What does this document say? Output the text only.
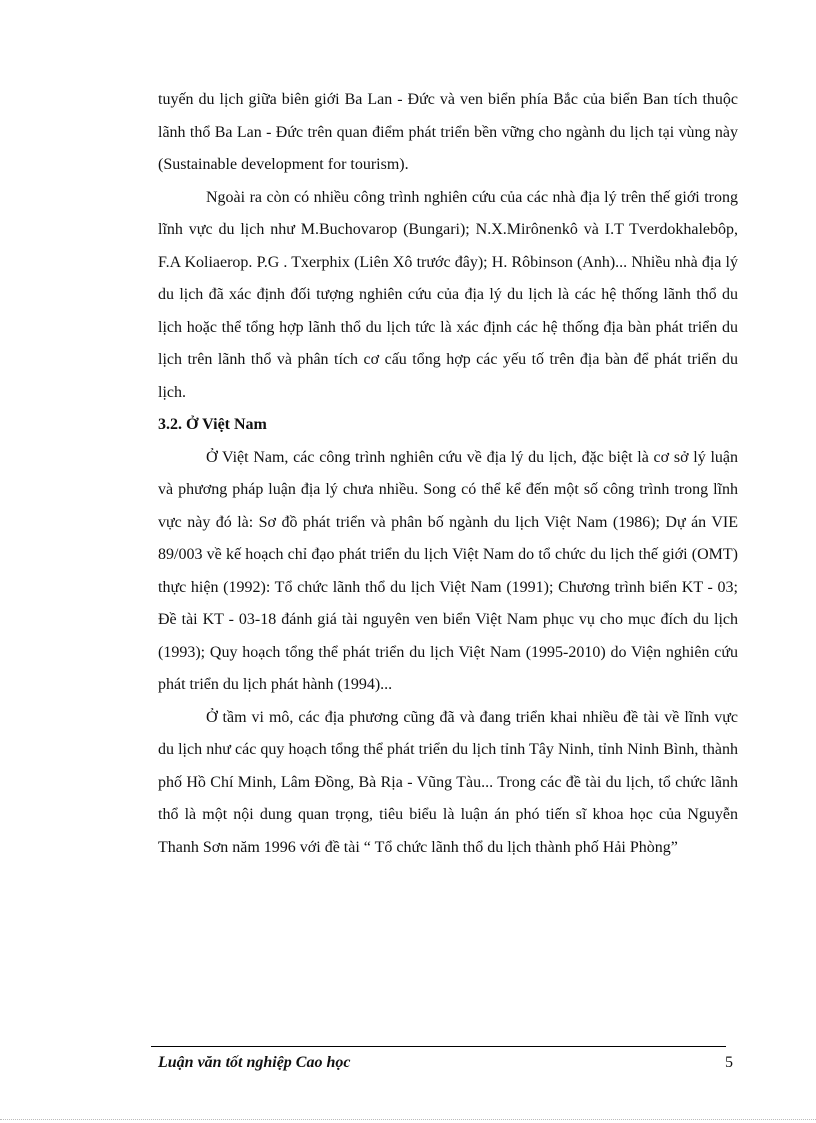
tuyến du lịch giữa biên giới Ba Lan - Đức và ven biển phía Bắc của biển Ban tích thuộc lãnh thổ Ba Lan - Đức trên quan điểm phát triển bền vững cho ngành du lịch tại vùng này (Sustainable development for tourism).

Ngoài ra còn có nhiều công trình nghiên cứu của các nhà địa lý trên thế giới trong lĩnh vực du lịch như M.Buchovarop (Bungari); N.X.Mirônenkô và I.T Tverdokhalebôp, F.A Koliaerop. P.G . Txerphix (Liên Xô trước đây); H. Rôbinson (Anh)... Nhiều nhà địa lý du lịch đã xác định đối tượng nghiên cứu của địa lý du lịch là các hệ thống lãnh thổ du lịch hoặc thể tổng hợp lãnh thổ du lịch tức là xác định các hệ thống địa bàn phát triển du lịch trên lãnh thổ và phân tích cơ cấu tổng hợp các yếu tố trên địa bàn để phát triển du lịch.

3.2. Ở Việt Nam

Ở Việt Nam, các công trình nghiên cứu về địa lý du lịch, đặc biệt là cơ sở lý luận và phương pháp luận địa lý chưa nhiều. Song có thể kể đến một số công trình trong lĩnh vực này đó là: Sơ đồ phát triển và phân bố ngành du lịch Việt Nam (1986); Dự án VIE 89/003 về kế hoạch chỉ đạo phát triển du lịch Việt Nam do tổ chức du lịch thế giới (OMT) thực hiện (1992): Tổ chức lãnh thổ du lịch Việt Nam (1991); Chương trình biển KT - 03; Đề tài KT - 03-18 đánh giá tài nguyên ven biển Việt Nam phục vụ cho mục đích du lịch (1993); Quy hoạch tổng thể phát triển du lịch Việt Nam (1995-2010) do Viện nghiên cứu phát triển du lịch phát hành (1994)...

Ở tầm vi mô, các địa phương cũng đã và đang triển khai nhiều đề tài về lĩnh vực du lịch như các quy hoạch tổng thể phát triển du lịch tỉnh Tây Ninh, tỉnh Ninh Bình, thành phố Hồ Chí Minh, Lâm Đồng, Bà Rịa - Vũng Tàu... Trong các đề tài du lịch, tổ chức lãnh thổ là một nội dung quan trọng, tiêu biểu là luận án phó tiến sĩ khoa học của Nguyễn Thanh Sơn năm 1996 với đề tài “ Tổ chức lãnh thổ du lịch thành phố Hải Phòng”

Luận văn tốt nghiệp Cao học	5
